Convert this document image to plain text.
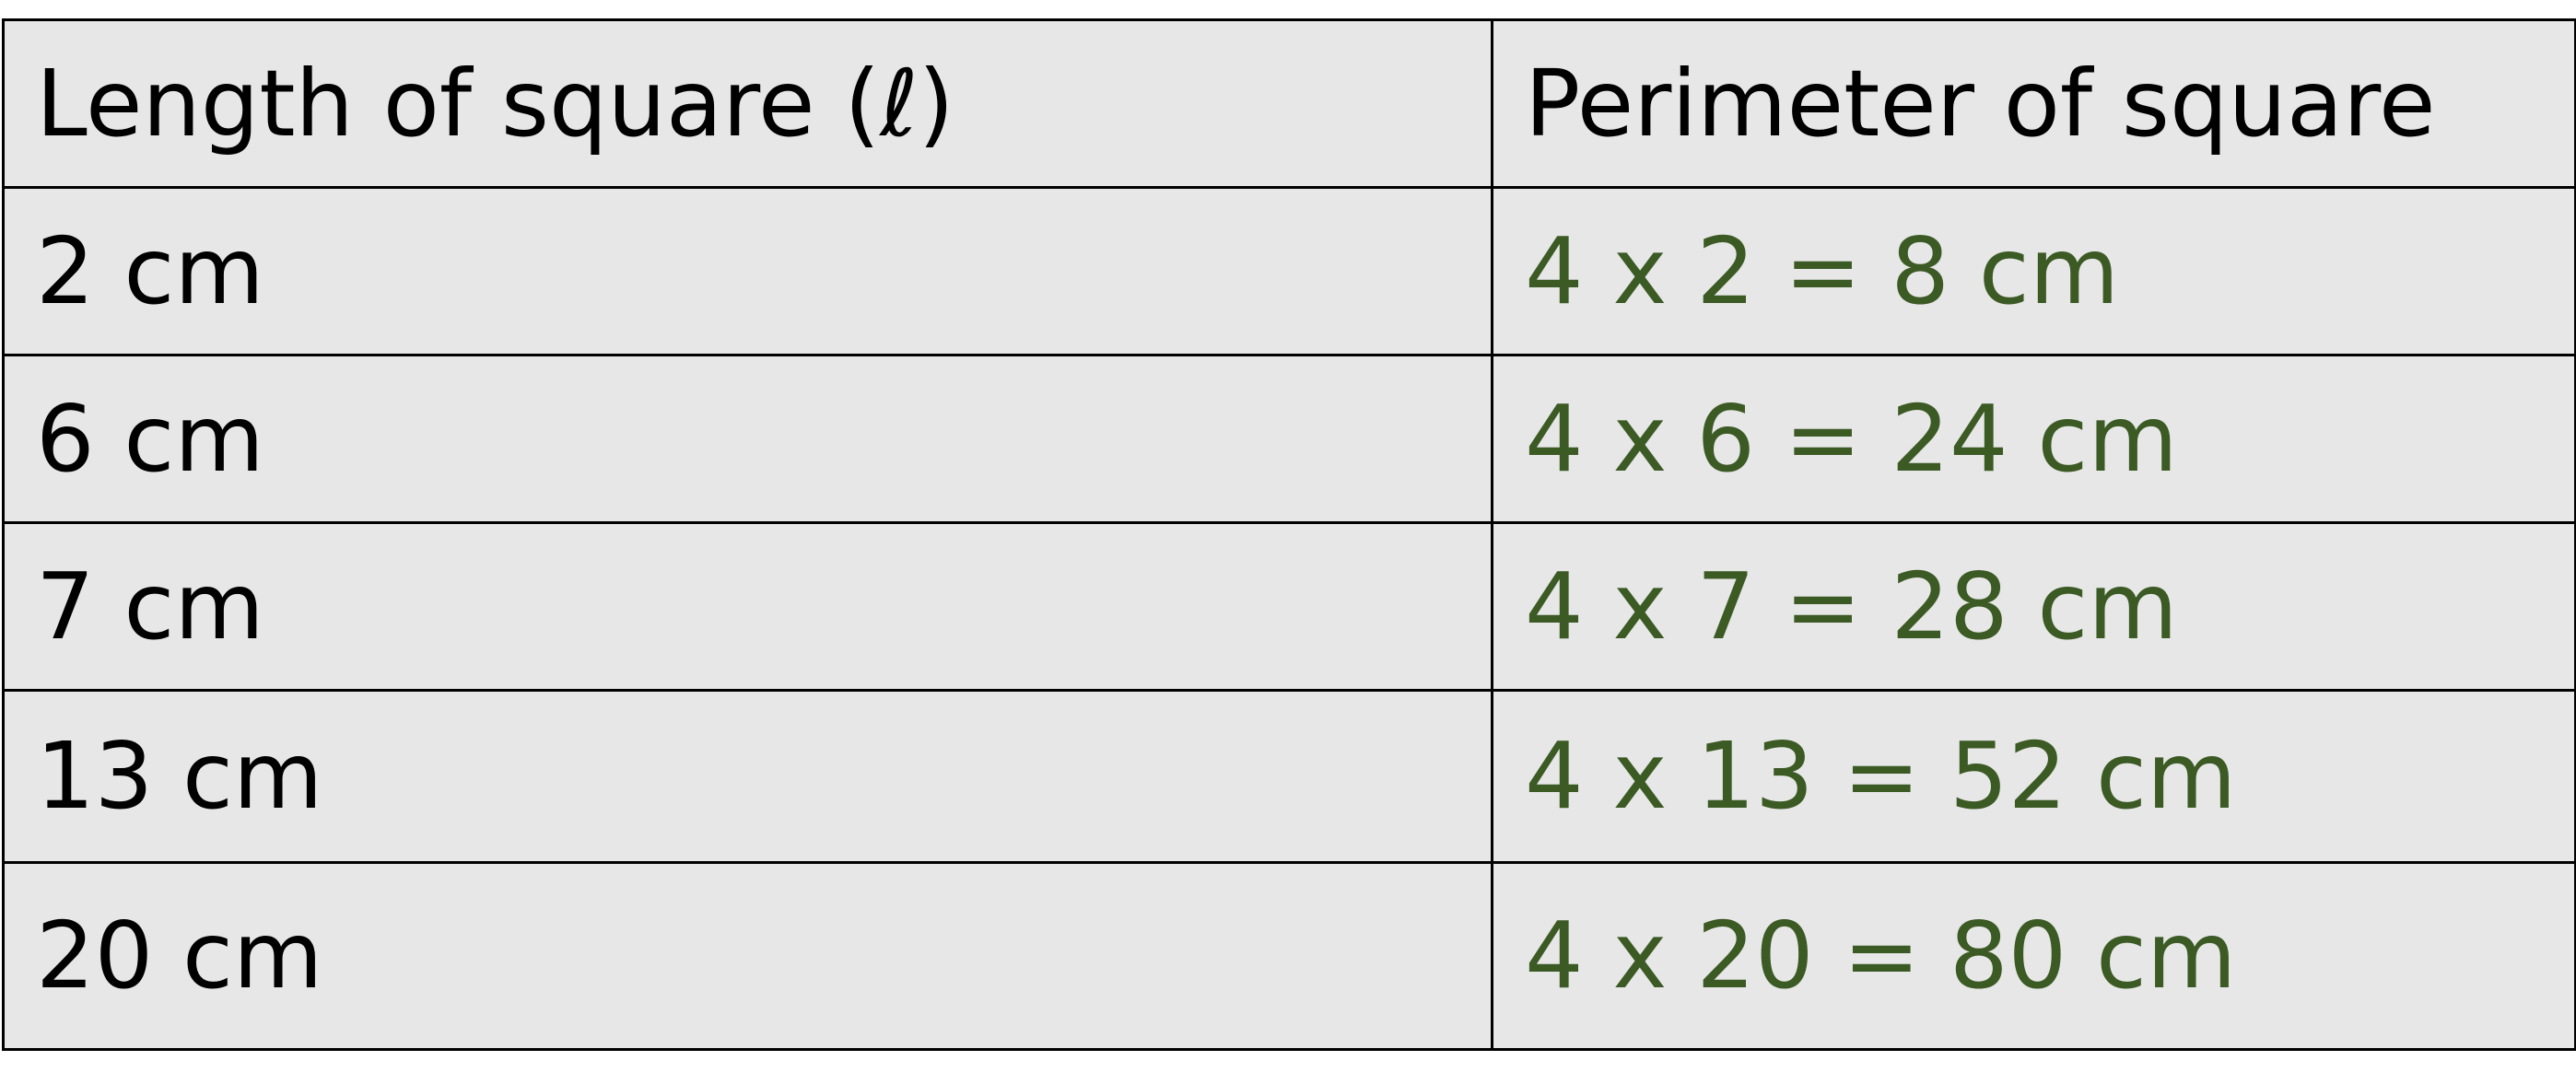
Length of square (ℓ)	Perimeter of square
2 cm	4 x 2 = 8 cm
6 cm	4 x 6 = 24 cm
7 cm	4 x 7 = 28 cm
13 cm	4 x 13 = 52 cm
20 cm	4 x 20 = 80 cm
